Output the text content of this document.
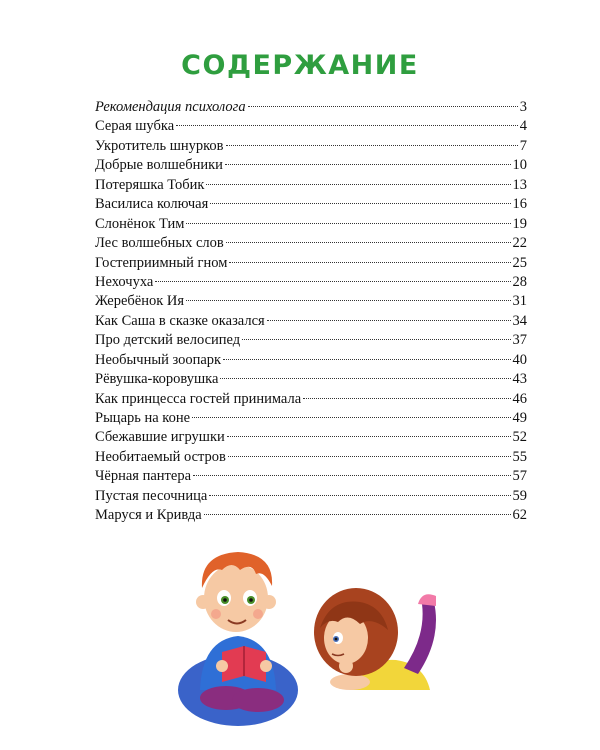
СОДЕРЖАНИЕ
Рекомендация психолога	3
Серая шубка	4
Укротитель шнурков	7
Добрые волшебники	10
Потеряшка Тобик	13
Василиса колючая	16
Слонёнок Тим	19
Лес волшебных слов	22
Гостеприимный гном	25
Нехочуха	28
Жеребёнок Ия	31
Как Саша в сказке оказался	34
Про детский велосипед	37
Необычный зоопарк	40
Рёвушка-коровушка	43
Как принцесса гостей принимала	46
Рыцарь на коне	49
Сбежавшие игрушки	52
Необитаемый остров	55
Чёрная пантера	57
Пустая песочница	59
Маруся и Кривда	62
